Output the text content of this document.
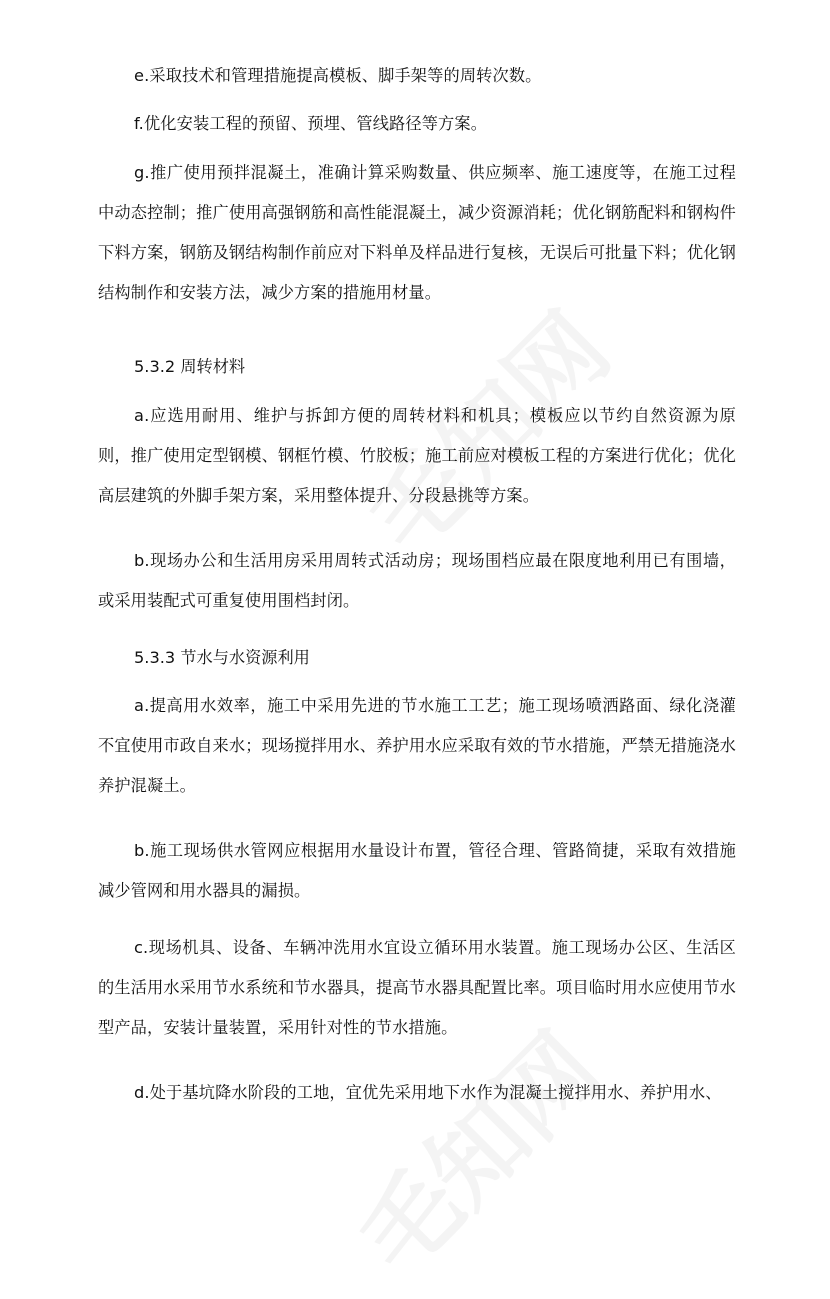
e.采取技术和管理措施提高模板、脚手架等的周转次数。

f.优化安装工程的预留、预埋、管线路径等方案。

g.推广使用预拌混凝土，准确计算采购数量、供应频率、施工速度等，在施工过程中动态控制；推广使用高强钢筋和高性能混凝土，减少资源消耗；优化钢筋配料和钢构件下料方案，钢筋及钢结构制作前应对下料单及样品进行复核，无误后可批量下料；优化钢结构制作和安装方法，减少方案的措施用材量。

5.3.2 周转材料

a.应选用耐用、维护与拆卸方便的周转材料和机具；模板应以节约自然资源为原则，推广使用定型钢模、钢框竹模、竹胶板；施工前应对模板工程的方案进行优化；优化高层建筑的外脚手架方案，采用整体提升、分段悬挑等方案。

b.现场办公和生活用房采用周转式活动房；现场围档应最在限度地利用已有围墙，或采用装配式可重复使用围档封闭。

5.3.3 节水与水资源利用

a.提高用水效率，施工中采用先进的节水施工工艺；施工现场喷洒路面、绿化浇灌不宜使用市政自来水；现场搅拌用水、养护用水应采取有效的节水措施，严禁无措施浇水养护混凝土。

b.施工现场供水管网应根据用水量设计布置，管径合理、管路简捷，采取有效措施减少管网和用水器具的漏损。

c.现场机具、设备、车辆冲洗用水宜设立循环用水装置。施工现场办公区、生活区的生活用水采用节水系统和节水器具，提高节水器具配置比率。项目临时用水应使用节水型产品，安装计量装置，采用针对性的节水措施。

d.处于基坑降水阶段的工地，宜优先采用地下水作为混凝土搅拌用水、养护用水、
